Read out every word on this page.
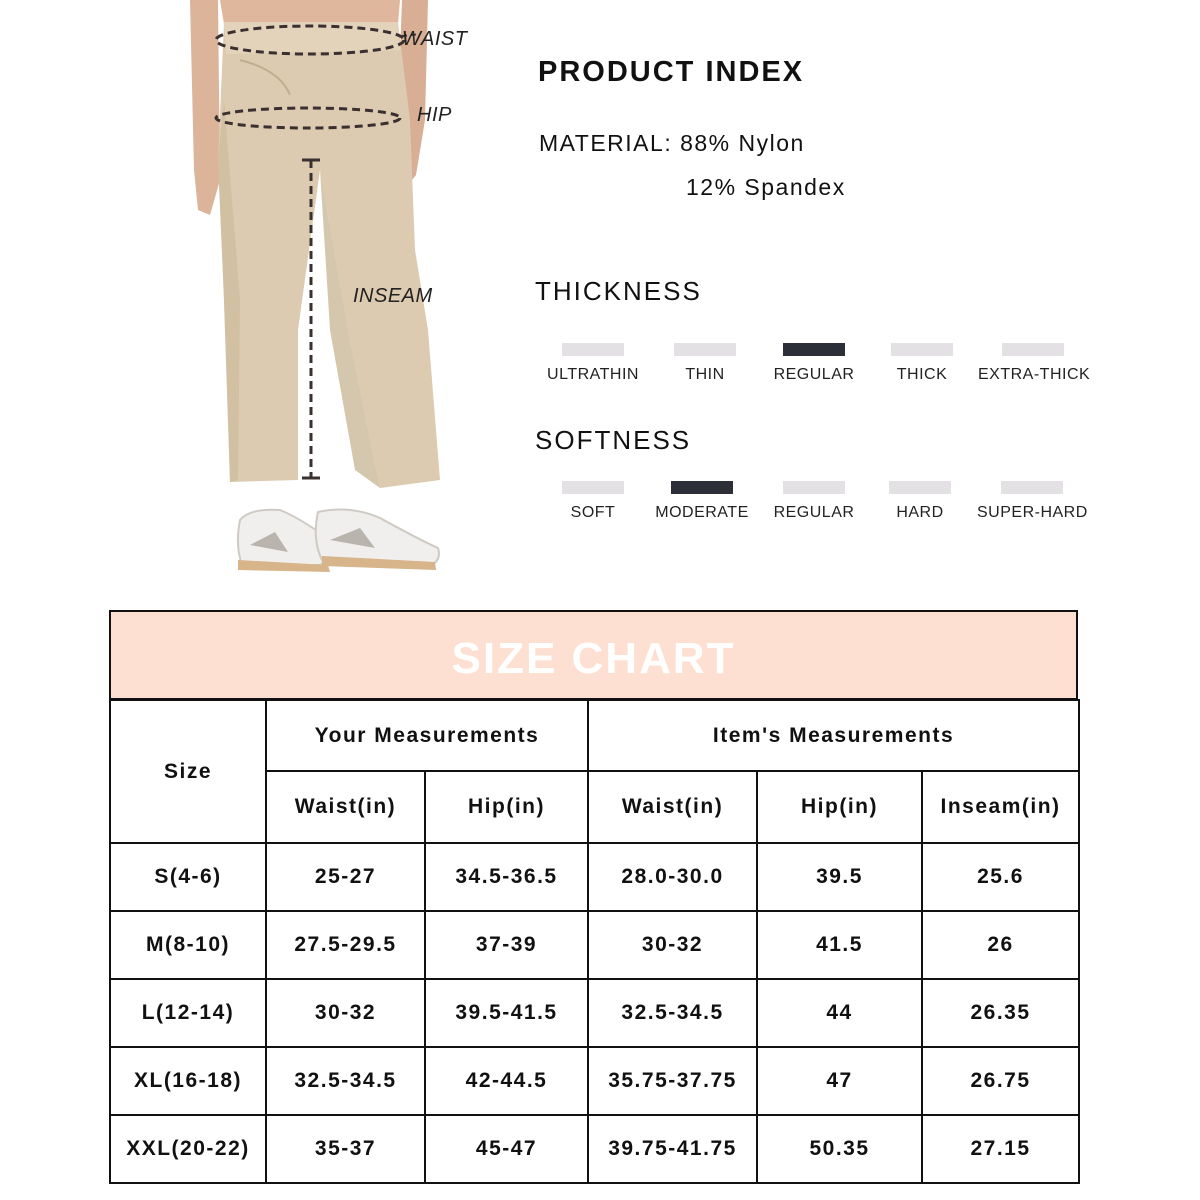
WAIST
HIP
INSEAM
PRODUCT INDEX
MATERIAL: 88% Nylon
12% Spandex
THICKNESS
ULTRATHIN	THIN	REGULAR	THICK	EXTRA-THICK
SOFTNESS
SOFT	MODERATE	REGULAR	HARD	SUPER-HARD
SIZE CHART
Size	Your Measurements		Item's Measurements		
	Waist(in)	Hip(in)	Waist(in)	Hip(in)	Inseam(in)
S(4-6)	25-27	34.5-36.5	28.0-30.0	39.5	25.6
M(8-10)	27.5-29.5	37-39	30-32	41.5	26
L(12-14)	30-32	39.5-41.5	32.5-34.5	44	26.35
XL(16-18)	32.5-34.5	42-44.5	35.75-37.75	47	26.75
XXL(20-22)	35-37	45-47	39.75-41.75	50.35	27.15
